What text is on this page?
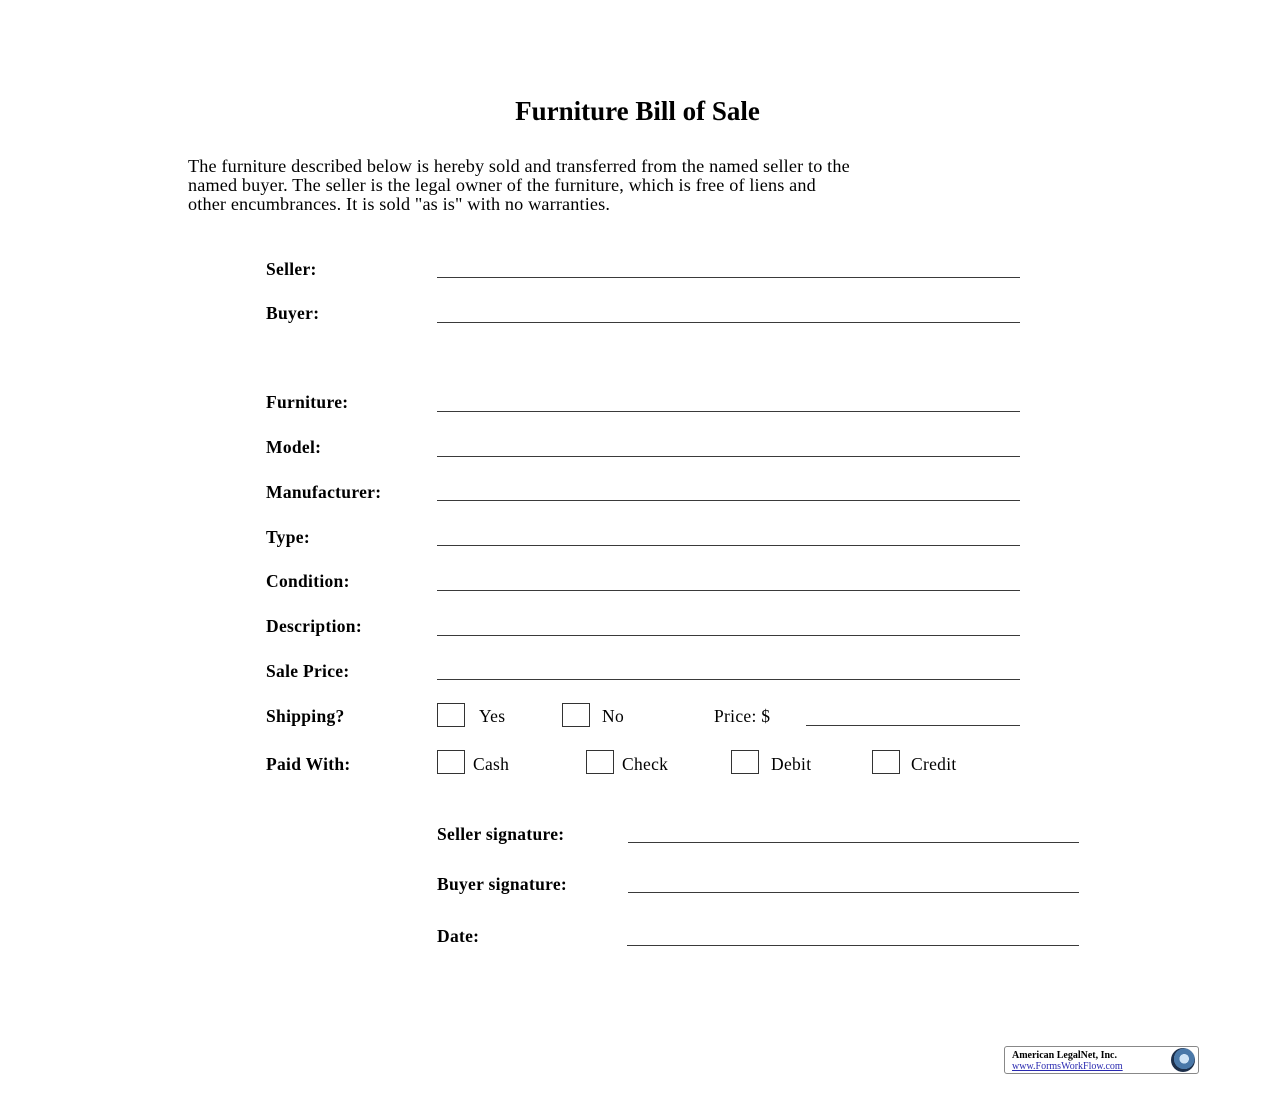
Furniture Bill of Sale
The furniture described below is hereby sold and transferred from the named seller to the
named buyer. The seller is the legal owner of the furniture, which is free of liens and
other encumbrances. It is sold "as is" with no warranties.
Seller:
Buyer:
Furniture:
Model:
Manufacturer:
Type:
Condition:
Description:
Sale Price:
Shipping?	Yes	No	Price: $
Paid With:	Cash	Check	Debit	Credit
Seller signature:
Buyer signature:
Date:
American LegalNet, Inc.
www.FormsWorkFlow.com
